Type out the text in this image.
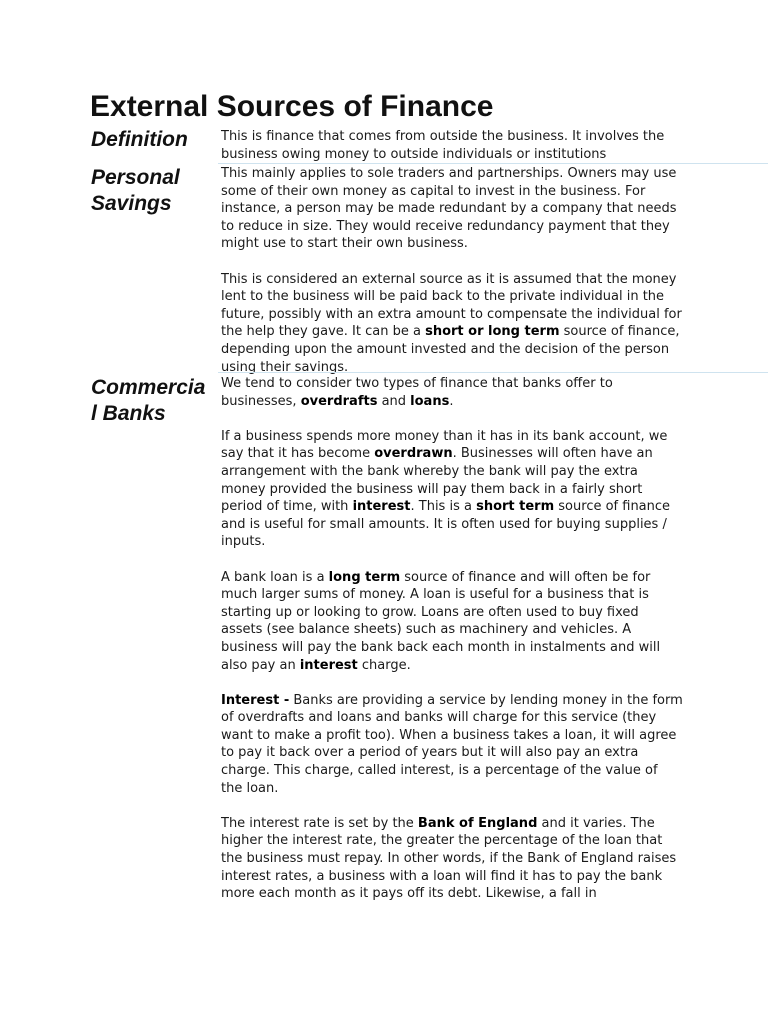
External Sources of Finance
Definition	This is finance that comes from outside the business. It involves the business owing money to outside individuals or institutions

Personal Savings

This mainly applies to sole traders and partnerships. Owners may use some of their own money as capital to invest in the business. For instance, a person may be made redundant by a company that needs to reduce in size. They would receive redundancy payment that they might use to start their own business.

This is considered an external source as it is assumed that the money lent to the business will be paid back to the private individual in the future, possibly with an extra amount to compensate the individual for the help they gave. It can be a short or long term source of finance, depending upon the amount invested and the decision of the person using their savings.

Commercia l Banks

We tend to consider two types of finance that banks offer to businesses, overdrafts and loans.

If a business spends more money than it has in its bank account, we say that it has become overdrawn. Businesses will often have an arrangement with the bank whereby the bank will pay the extra money provided the business will pay them back in a fairly short period of time, with interest. This is a short term source of finance and is useful for small amounts. It is often used for buying supplies / inputs.

A bank loan is a long term source of finance and will often be for much larger sums of money. A loan is useful for a business that is starting up or looking to grow. Loans are often used to buy fixed assets (see balance sheets) such as machinery and vehicles. A business will pay the bank back each month in instalments and will also pay an interest charge.

Interest - Banks are providing a service by lending money in the form of overdrafts and loans and banks will charge for this service (they want to make a profit too). When a business takes a loan, it will agree to pay it back over a period of years but it will also pay an extra charge. This charge, called interest, is a percentage of the value of the loan.

The interest rate is set by the Bank of England and it varies. The higher the interest rate, the greater the percentage of the loan that the business must repay. In other words, if the Bank of England raises interest rates, a business with a loan will find it has to pay the bank more each month as it pays off its debt. Likewise, a fall in
